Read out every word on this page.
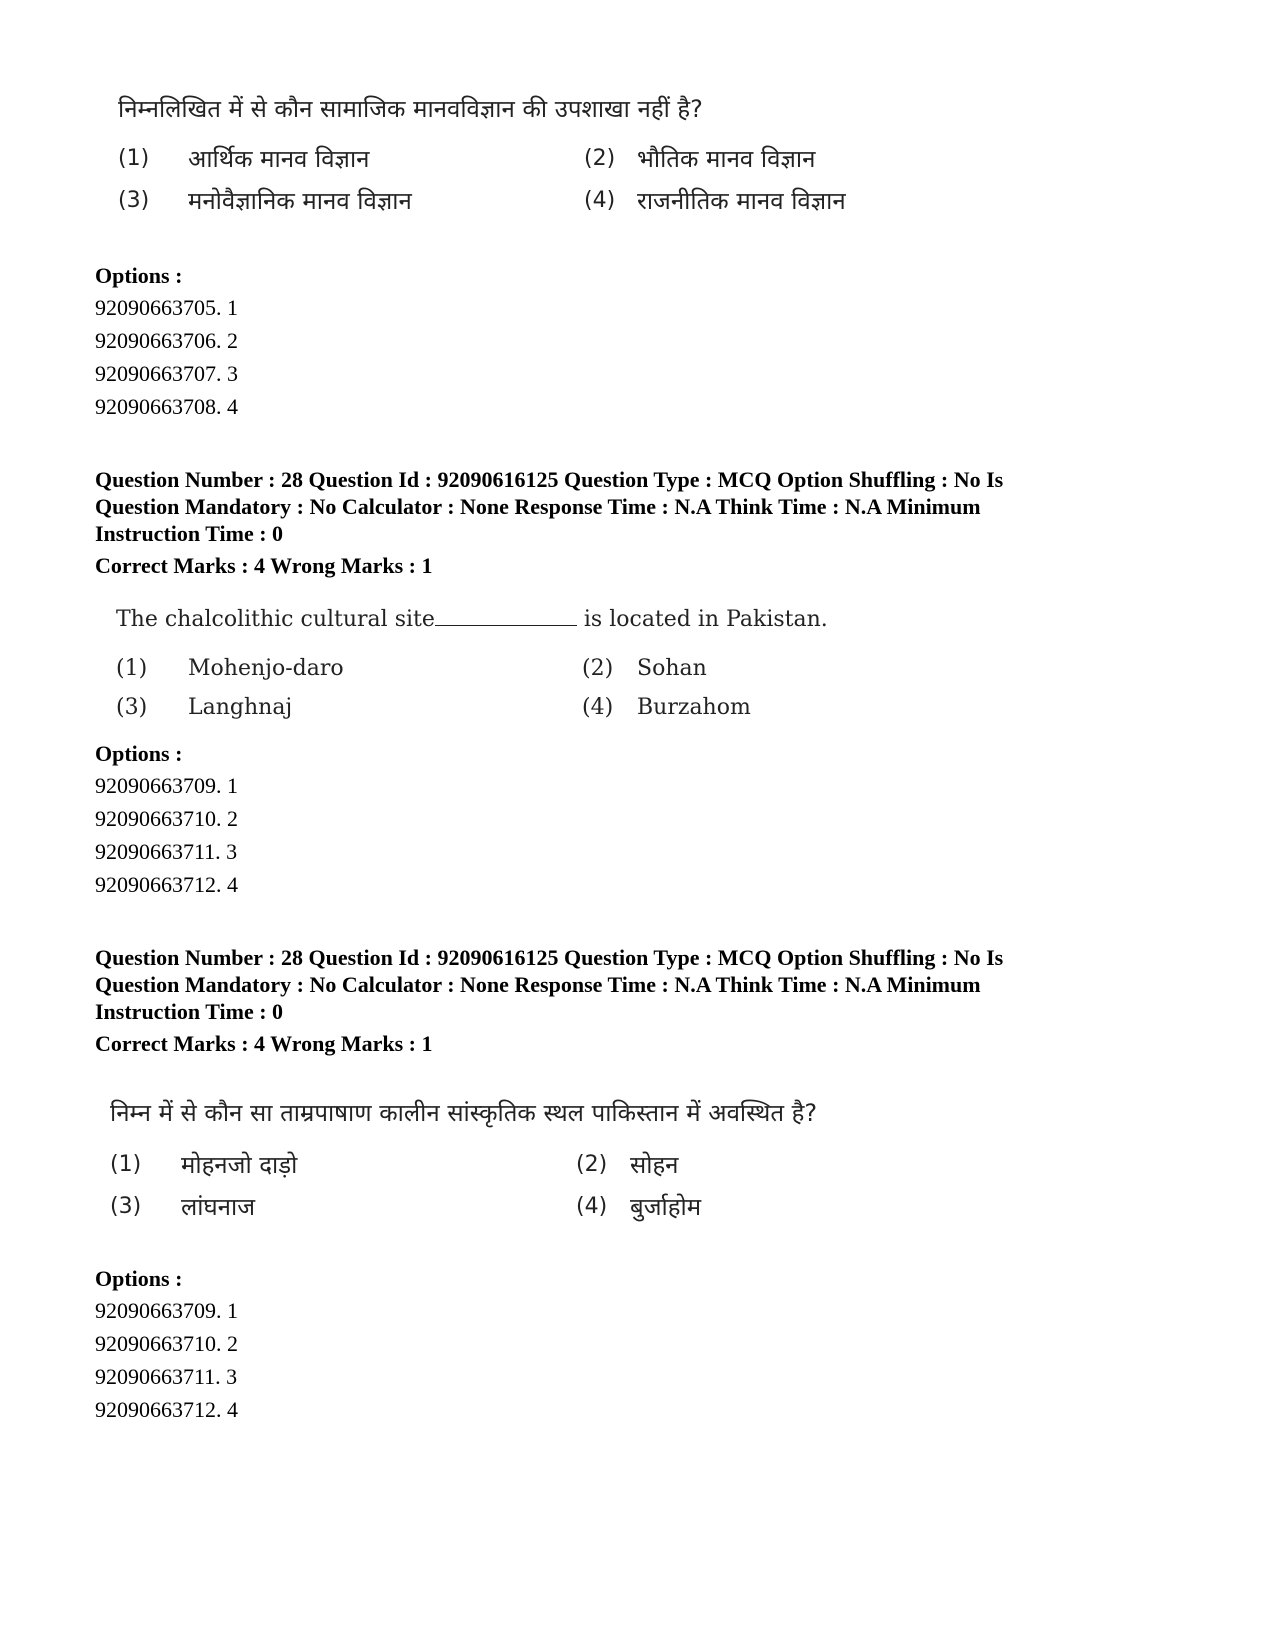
निम्नलिखित में से कौन सामाजिक मानवविज्ञान की उपशाखा नहीं है?
(1) आर्थिक मानव विज्ञान	(2) भौतिक मानव विज्ञान
(3) मनोवैज्ञानिक मानव विज्ञान	(4) राजनीतिक मानव विज्ञान
Options :
92090663705. 1
92090663706. 2
92090663707. 3
92090663708. 4
Question Number : 28 Question Id : 92090616125 Question Type : MCQ Option Shuffling : No Is
Question Mandatory : No Calculator : None Response Time : N.A Think Time : N.A Minimum
Instruction Time : 0
Correct Marks : 4 Wrong Marks : 1
The chalcolithic cultural site	is located in Pakistan.
(1) Mohenjo-daro	(2) Sohan
(3) Langhnaj	(4) Burzahom
Options :
92090663709. 1
92090663710. 2
92090663711. 3
92090663712. 4
Question Number : 28 Question Id : 92090616125 Question Type : MCQ Option Shuffling : No Is
Question Mandatory : No Calculator : None Response Time : N.A Think Time : N.A Minimum
Instruction Time : 0
Correct Marks : 4 Wrong Marks : 1
निम्न में से कौन सा ताम्रपाषाण कालीन सांस्कृतिक स्थल पाकिस्तान में अवस्थित है?
(1) मोहनजो दाड़ो	(2) सोहन
(3) लांघनाज	(4) बुर्जाहोम
Options :
92090663709. 1
92090663710. 2
92090663711. 3
92090663712. 4
